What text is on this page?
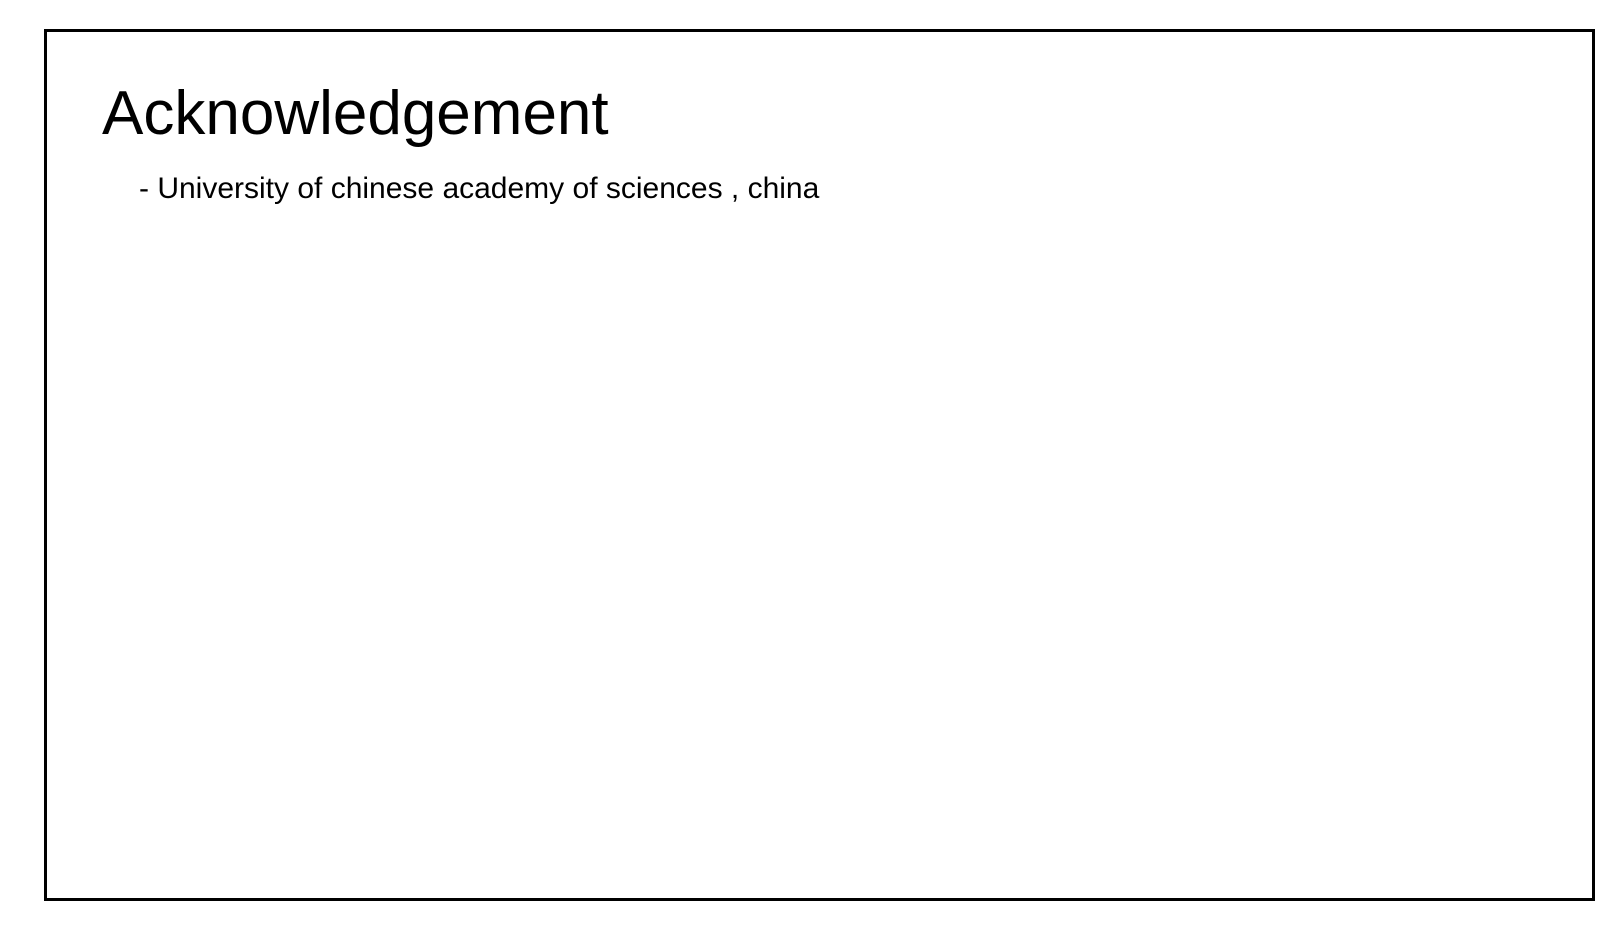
Acknowledgement

- University of chinese academy of sciences , china
